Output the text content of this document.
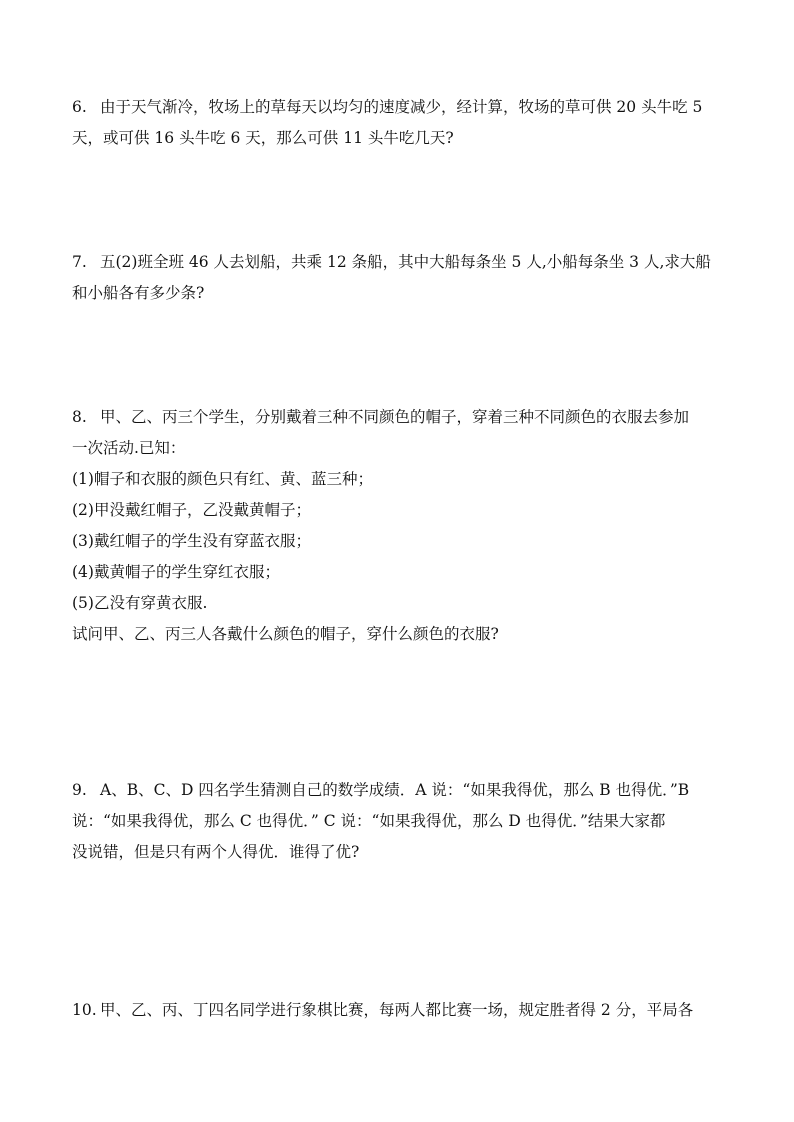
6. 由于天气渐冷，牧场上的草每天以均匀的速度减少，经计算，牧场的草可供 20 头牛吃 5

天，或可供 16 头牛吃 6 天，那么可供 11 头牛吃几天?

7. 五(2)班全班 46 人去划船，共乘 12 条船，其中大船每条坐 5 人,小船每条坐 3 人,求大船

和小船各有多少条?

8. 甲、乙、丙三个学生，分别戴着三种不同颜色的帽子，穿着三种不同颜色的衣服去参加

一次活动.已知：

(1)帽子和衣服的颜色只有红、黄、蓝三种；

(2)甲没戴红帽子，乙没戴黄帽子；

(3)戴红帽子的学生没有穿蓝衣服；

(4)戴黄帽子的学生穿红衣服；

(5)乙没有穿黄衣服.

试问甲、乙、丙三人各戴什么颜色的帽子，穿什么颜色的衣服?

9. A、B、C、D 四名学生猜测自己的数学成绩．A 说：“如果我得优，那么 B 也得优．”B

说：“如果我得优，那么 C 也得优．” C 说：“如果我得优，那么 D 也得优．”结果大家都

没说错，但是只有两个人得优．谁得了优?

10. 甲、乙、丙、丁四名同学进行象棋比赛，每两人都比赛一场，规定胜者得 2 分，平局各
